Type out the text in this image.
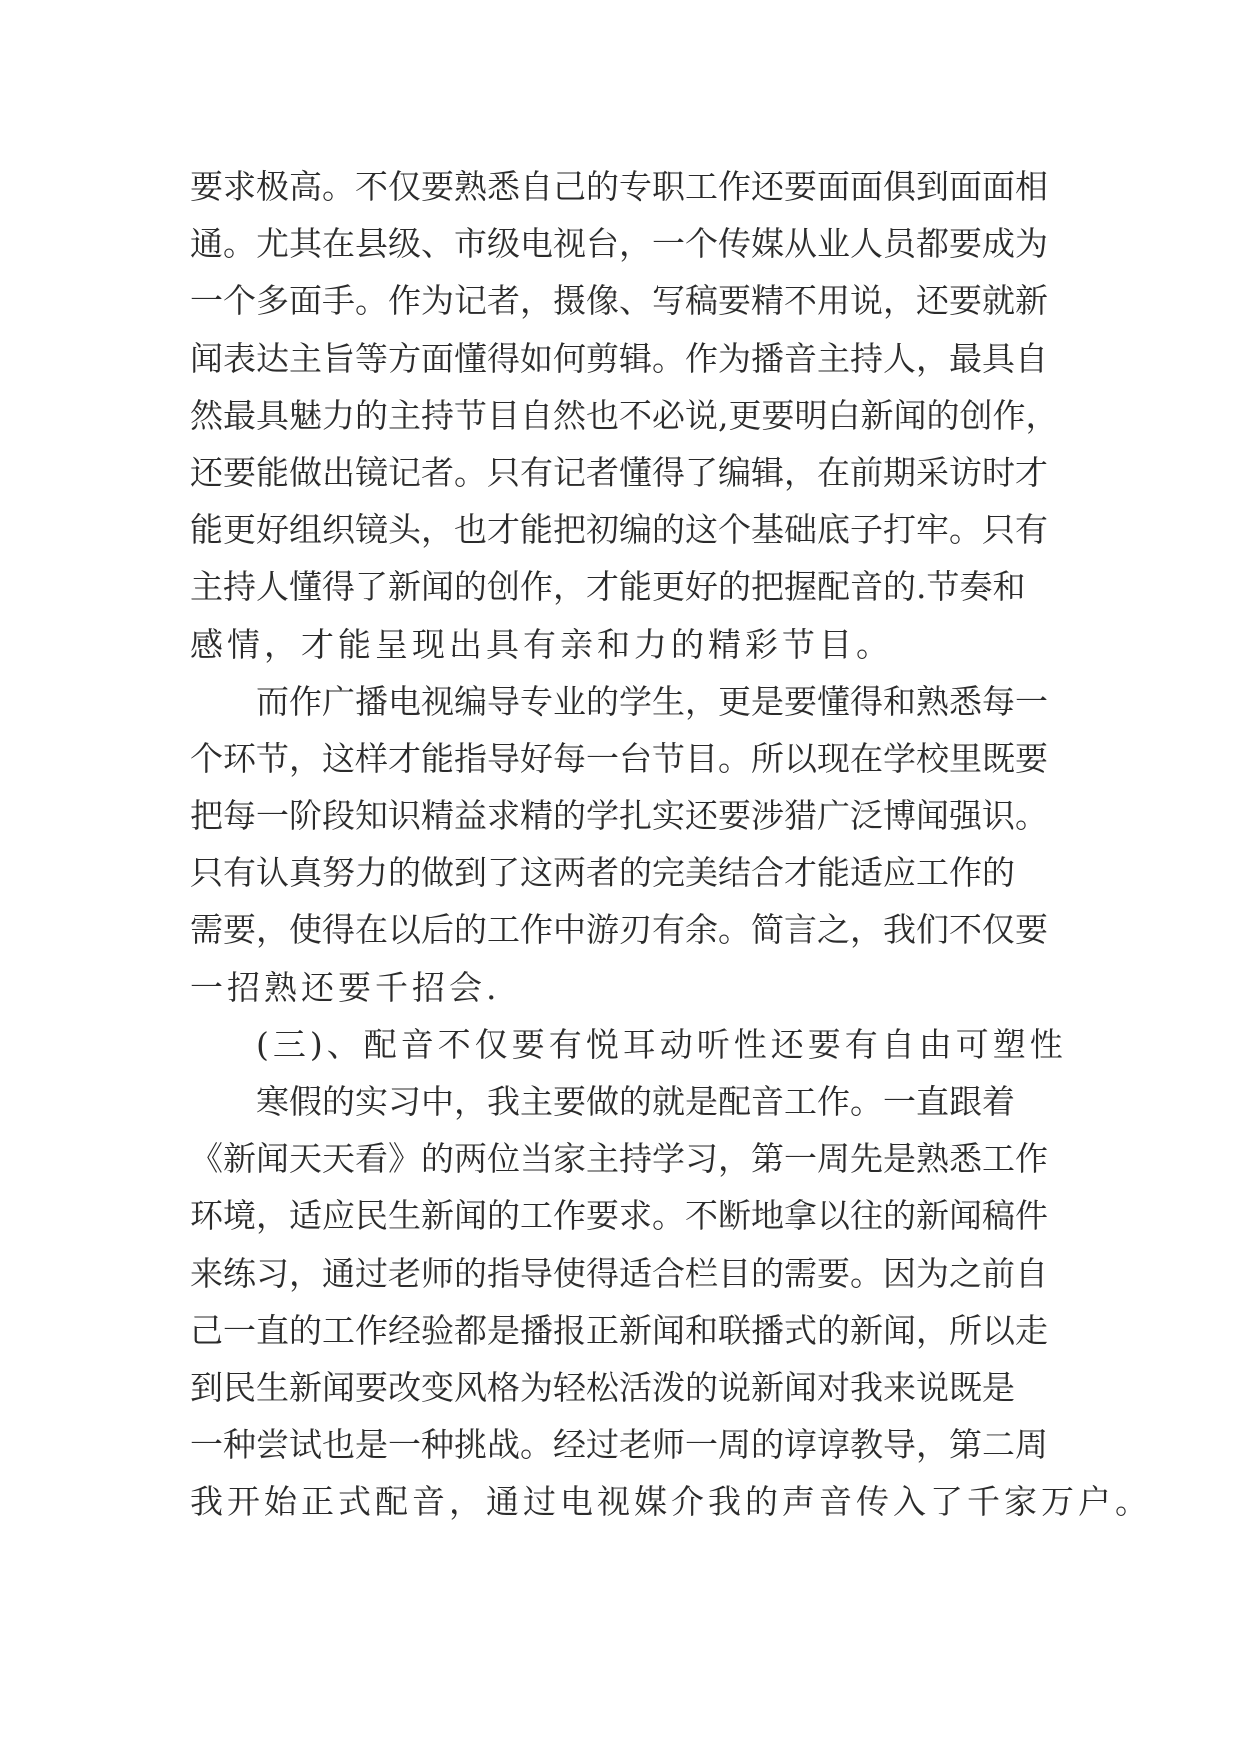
要求极高。不仅要熟悉自己的专职工作还要面面俱到面面相
通。尤其在县级、市级电视台，一个传媒从业人员都要成为
一个多面手。作为记者，摄像、写稿要精不用说，还要就新
闻表达主旨等方面懂得如何剪辑。作为播音主持人，最具自
然最具魅力的主持节目自然也不必说,更要明白新闻的创作，
还要能做出镜记者。只有记者懂得了编辑，在前期采访时才
能更好组织镜头，也才能把初编的这个基础底子打牢。只有
主持人懂得了新闻的创作，才能更好的把握配音的.节奏和
感情，才能呈现出具有亲和力的精彩节目。
而作广播电视编导专业的学生，更是要懂得和熟悉每一
个环节，这样才能指导好每一台节目。所以现在学校里既要
把每一阶段知识精益求精的学扎实还要涉猎广泛博闻强识。
只有认真努力的做到了这两者的完美结合才能适应工作的
需要，使得在以后的工作中游刃有余。简言之，我们不仅要
一招熟还要千招会.
(三)、配音不仅要有悦耳动听性还要有自由可塑性
寒假的实习中，我主要做的就是配音工作。一直跟着
《新闻天天看》的两位当家主持学习，第一周先是熟悉工作
环境，适应民生新闻的工作要求。不断地拿以往的新闻稿件
来练习，通过老师的指导使得适合栏目的需要。因为之前自
己一直的工作经验都是播报正新闻和联播式的新闻，所以走
到民生新闻要改变风格为轻松活泼的说新闻对我来说既是
一种尝试也是一种挑战。经过老师一周的谆谆教导，第二周
我开始正式配音，通过电视媒介我的声音传入了千家万户。
